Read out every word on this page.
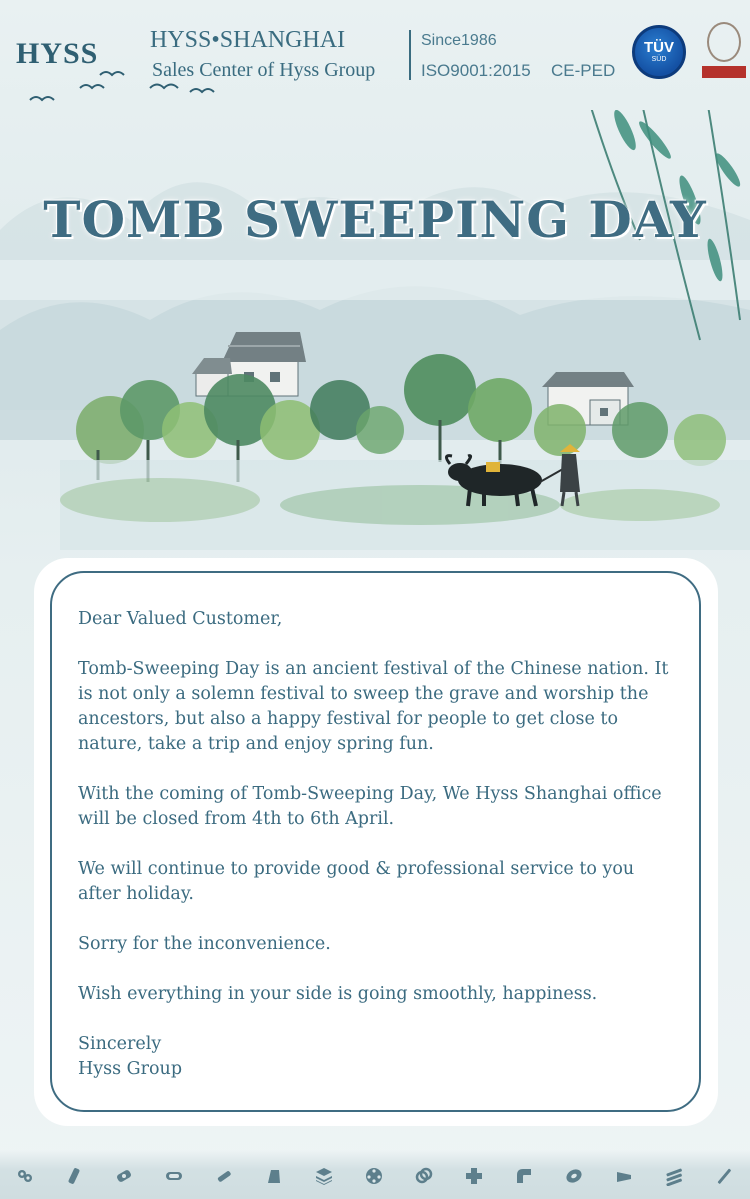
HYSS	HYSS•SHANGHAI
Sales Center of Hyss Group
Since1986
ISO9001:2015 CE-PED
TÜV
SÜD
TOMB SWEEPING DAY

Dear Valued Customer,

Tomb-Sweeping Day is an ancient festival of the Chinese nation. It is not only a solemn festival to sweep the grave and worship the ancestors, but also a happy festival for people to get close to nature, take a trip and enjoy spring fun.

With the coming of Tomb-Sweeping Day, We Hyss Shanghai office will be closed from 4th to 6th April.

We will continue to provide good & professional service to you after holiday.

Sorry for the inconvenience.

Wish everything in your side is going smoothly, happiness.

Sincerely

Hyss Group
